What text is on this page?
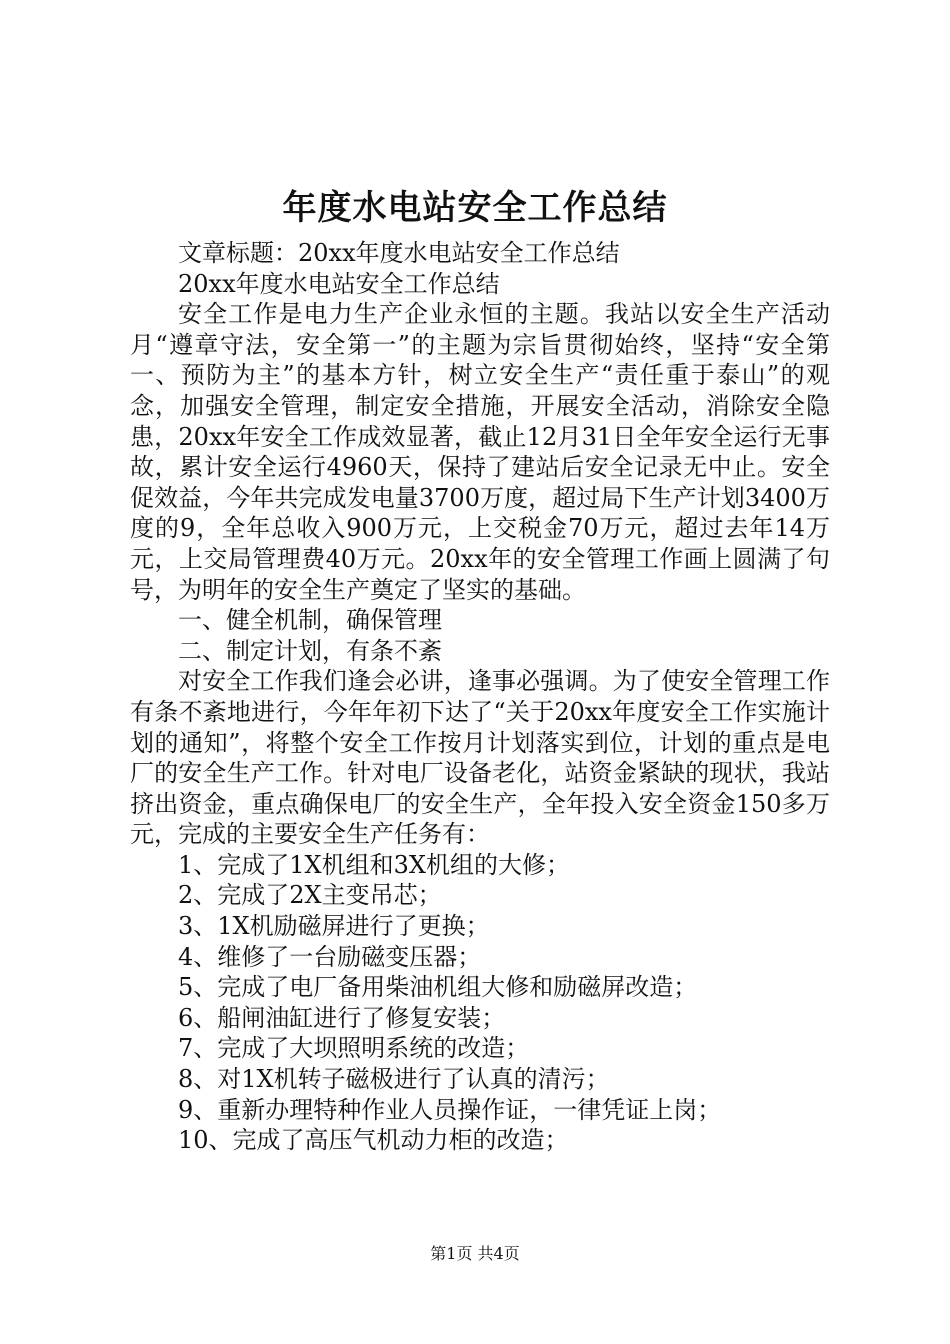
年度水电站安全工作总结

文章标题：20xx年度水电站安全工作总结

20xx年度水电站安全工作总结

安全工作是电力生产企业永恒的主题。我站以安全生产活动月“遵章守法，安全第一”的主题为宗旨贯彻始终，坚持“安全第一、预防为主”的基本方针，树立安全生产“责任重于泰山”的观念，加强安全管理，制定安全措施，开展安全活动，消除安全隐患，20xx年安全工作成效显著，截止12月31日全年安全运行无事故，累计安全运行4960天，保持了建站后安全记录无中止。安全促效益，今年共完成发电量3700万度，超过局下生产计划3400万度的9，全年总收入900万元，上交税金70万元，超过去年14万元，上交局管理费40万元。20xx年的安全管理工作画上圆满了句号，为明年的安全生产奠定了坚实的基础。

一、健全机制，确保管理

二、制定计划，有条不紊

对安全工作我们逢会必讲，逢事必强调。为了使安全管理工作有条不紊地进行，今年年初下达了“关于20xx年度安全工作实施计划的通知”，将整个安全工作按月计划落实到位，计划的重点是电厂的安全生产工作。针对电厂设备老化，站资金紧缺的现状，我站挤出资金，重点确保电厂的安全生产，全年投入安全资金150多万元，完成的主要安全生产任务有：

1、完成了1X机组和3X机组的大修；

2、完成了2X主变吊芯；

3、1X机励磁屏进行了更换；

4、维修了一台励磁变压器；

5、完成了电厂备用柴油机组大修和励磁屏改造；

6、船闸油缸进行了修复安装；

7、完成了大坝照明系统的改造；

8、对1X机转子磁极进行了认真的清污；

9、重新办理特种作业人员操作证，一律凭证上岗；

10、完成了高压气机动力柜的改造；

第1页 共4页
